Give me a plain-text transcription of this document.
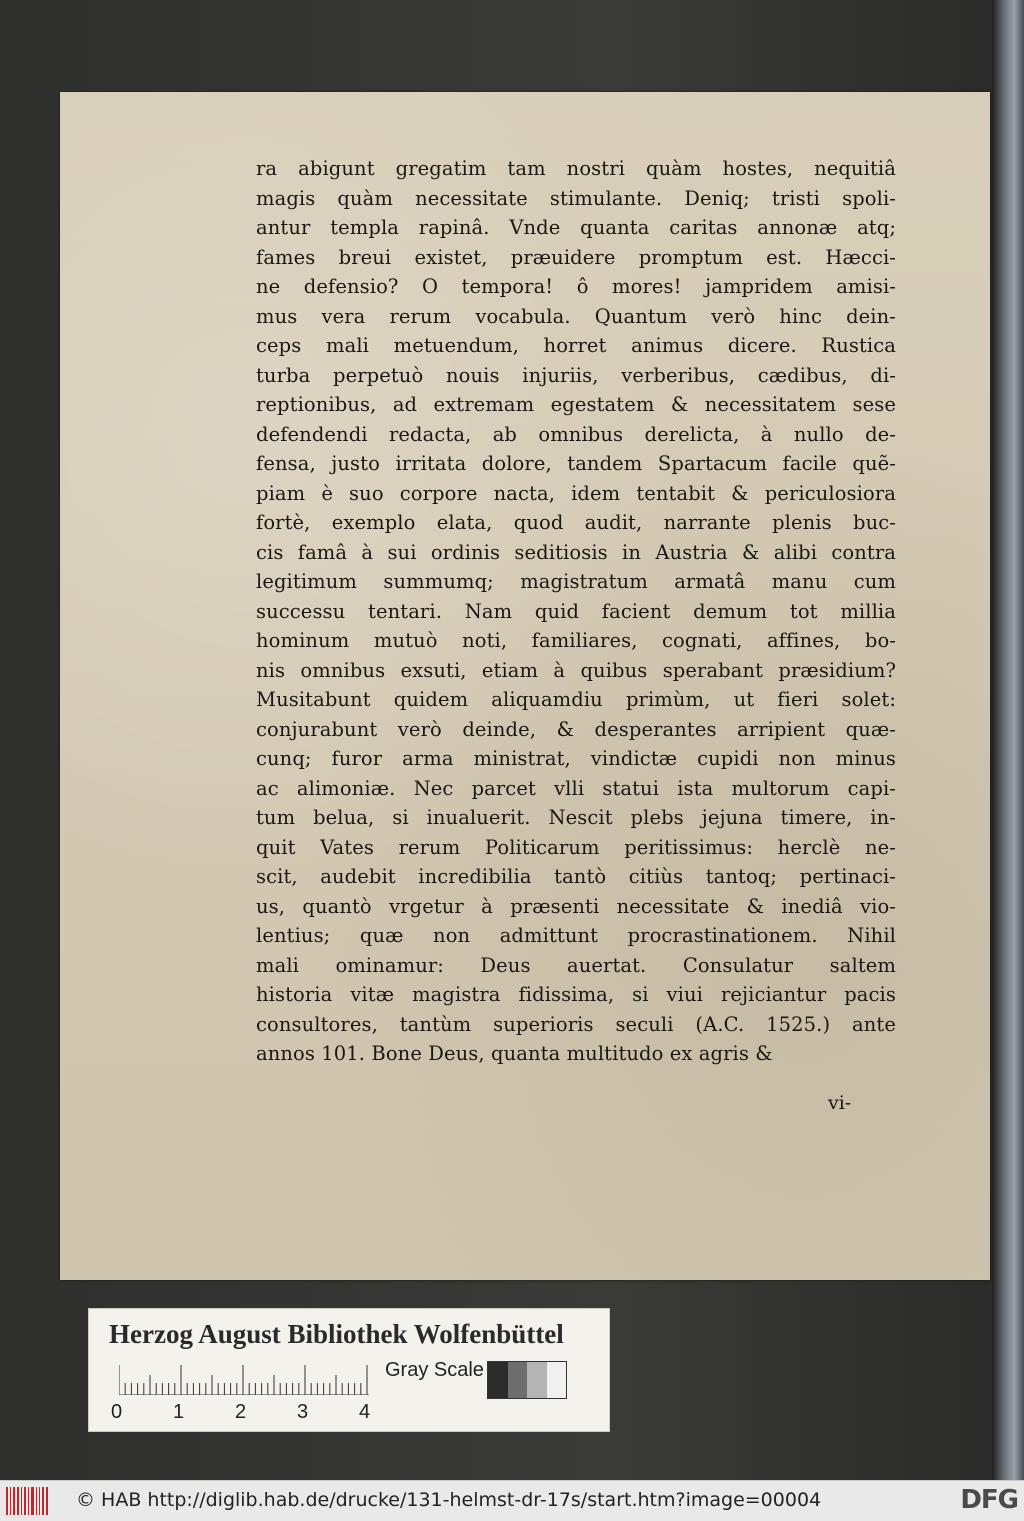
ra abigunt gregatim tam nostri quàm hostes, nequitiâ
magis quàm necessitate stimulante. Deniq; tristi spoli-
antur templa rapinâ. Vnde quanta caritas annonæ atq;
fames breui existet, præuidere promptum est. Hæcci-
ne defensio? O tempora! ô mores! jampridem amisi-
mus vera rerum vocabula. Quantum verò hinc dein-
ceps mali metuendum, horret animus dicere. Rustica
turba perpetuò nouis injuriis, verberibus, cædibus, di-
reptionibus, ad extremam egestatem & necessitatem sese
defendendi redacta, ab omnibus derelicta, à nullo de-
fensa, justo irritata dolore, tandem Spartacum facile quẽ-
piam è suo corpore nacta, idem tentabit & periculosiora
fortè, exemplo elata, quod audit, narrante plenis buc-
cis famâ à sui ordinis seditiosis in Austria & alibi contra
legitimum summumq; magistratum armatâ manu cum
successu tentari. Nam quid facient demum tot millia
hominum mutuò noti, familiares, cognati, affines, bo-
nis omnibus exsuti, etiam à quibus sperabant præsidium?
Musitabunt quidem aliquamdiu primùm, ut fieri solet:
conjurabunt verò deinde, & desperantes arripient quæ-
cunq; furor arma ministrat, vindictæ cupidi non minus
ac alimoniæ. Nec parcet vlli statui ista multorum capi-
tum belua, si inualuerit. Nescit plebs jejuna timere, in-
quit Vates rerum Politicarum peritissimus: herclè ne-
scit, audebit incredibilia tantò citiùs tantoq; pertinaci-
us, quantò vrgetur à præsenti necessitate & inediâ vio-
lentius; quæ non admittunt procrastinationem. Nihil
mali ominamur: Deus auertat. Consulatur saltem
historia vitæ magistra fidissima, si viui rejiciantur pacis
consultores, tantùm superioris seculi (A.C. 1525.) ante
annos 101. Bone Deus, quanta multitudo ex agris &
vi-
Herzog August Bibliothek Wolfenbüttel
0	1	2	3	4
Gray Scale
© HAB http://diglib.hab.de/drucke/131-helmst-dr-17s/start.htm?image=00004	DFG
